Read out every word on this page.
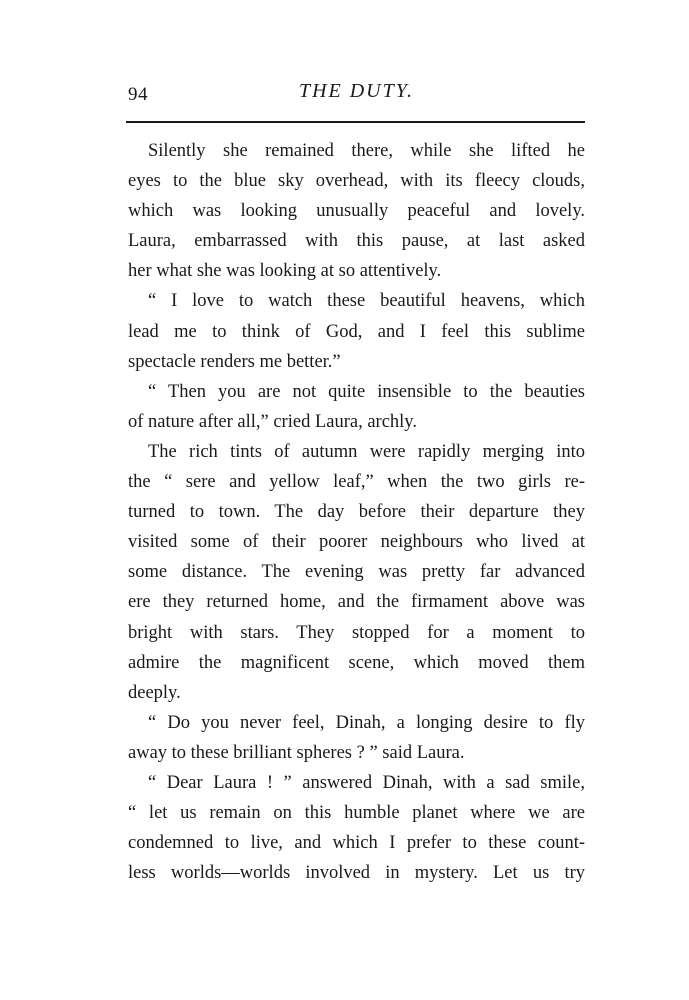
94	THE DUTY.
Silently she remained there, while she lifted he
eyes to the blue sky overhead, with its fleecy clouds,
which was looking unusually peaceful and lovely.
Laura, embarrassed with this pause, at last asked
her what she was looking at so attentively.
“ I love to watch these beautiful heavens, which
lead me to think of God, and I feel this sublime
spectacle renders me better.”
“ Then you are not quite insensible to the beauties
of nature after all,” cried Laura, archly.
The rich tints of autumn were rapidly merging into
the “ sere and yellow leaf,” when the two girls re-
turned to town. The day before their departure they
visited some of their poorer neighbours who lived at
some distance. The evening was pretty far advanced
ere they returned home, and the firmament above was
bright with stars. They stopped for a moment to
admire the magnificent scene, which moved them
deeply.
“ Do you never feel, Dinah, a longing desire to fly
away to these brilliant spheres ? ” said Laura.
“ Dear Laura ! ” answered Dinah, with a sad smile,
“ let us remain on this humble planet where we are
condemned to live, and which I prefer to these count-
less worlds—worlds involved in mystery. Let us try
